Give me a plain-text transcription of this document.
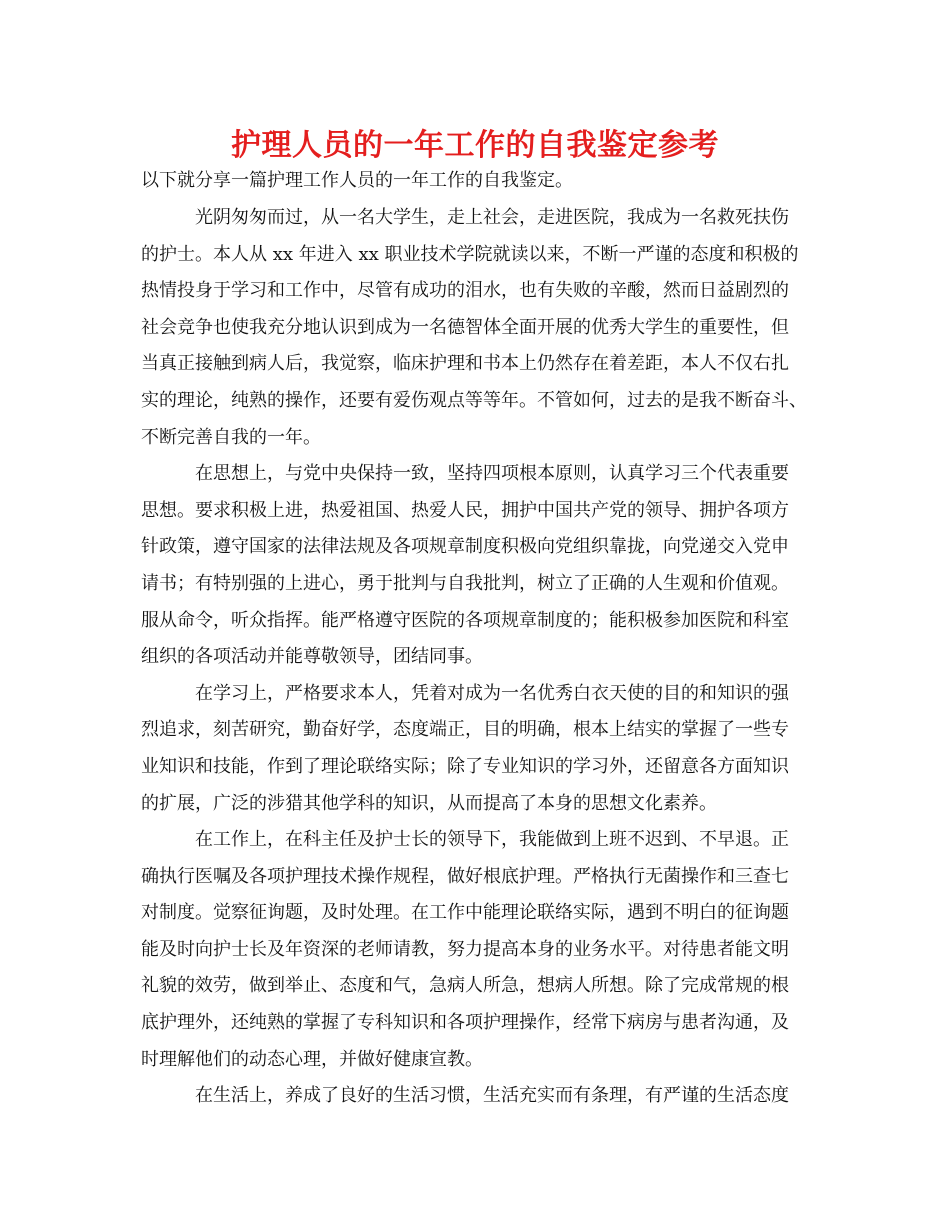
护理人员的一年工作的自我鉴定参考
以下就分享一篇护理工作人员的一年工作的自我鉴定。
光阴匆匆而过，从一名大学生，走上社会，走进医院，我成为一名救死扶伤
的护士。本人从 xx 年进入 xx 职业技术学院就读以来，不断一严谨的态度和积极的
热情投身于学习和工作中，尽管有成功的泪水，也有失败的辛酸，然而日益剧烈的
社会竞争也使我充分地认识到成为一名德智体全面开展的优秀大学生的重要性，但
当真正接触到病人后，我觉察，临床护理和书本上仍然存在着差距，本人不仅右扎
实的理论，纯熟的操作，还要有爱伤观点等等年。不管如何，过去的是我不断奋斗、
不断完善自我的一年。
在思想上，与党中央保持一致，坚持四项根本原则，认真学习三个代表重要
思想。要求积极上进，热爱祖国、热爱人民，拥护中国共产党的领导、拥护各项方
针政策，遵守国家的法律法规及各项规章制度积极向党组织靠拢，向党递交入党申
请书；有特别强的上进心，勇于批判与自我批判，树立了正确的人生观和价值观。
服从命令，听众指挥。能严格遵守医院的各项规章制度的；能积极参加医院和科室
组织的各项活动并能尊敬领导，团结同事。
在学习上，严格要求本人，凭着对成为一名优秀白衣天使的目的和知识的强
烈追求，刻苦研究，勤奋好学，态度端正，目的明确，根本上结实的掌握了一些专
业知识和技能，作到了理论联络实际；除了专业知识的学习外，还留意各方面知识
的扩展，广泛的涉猎其他学科的知识，从而提高了本身的思想文化素养。
在工作上，在科主任及护士长的领导下，我能做到上班不迟到、不早退。正
确执行医嘱及各项护理技术操作规程，做好根底护理。严格执行无菌操作和三查七
对制度。觉察征询题，及时处理。在工作中能理论联络实际，遇到不明白的征询题
能及时向护士长及年资深的老师请教，努力提高本身的业务水平。对待患者能文明
礼貌的效劳，做到举止、态度和气，急病人所急，想病人所想。除了完成常规的根
底护理外，还纯熟的掌握了专科知识和各项护理操作，经常下病房与患者沟通，及
时理解他们的动态心理，并做好健康宣教。
在生活上，养成了良好的生活习惯，生活充实而有条理，有严谨的生活态度
